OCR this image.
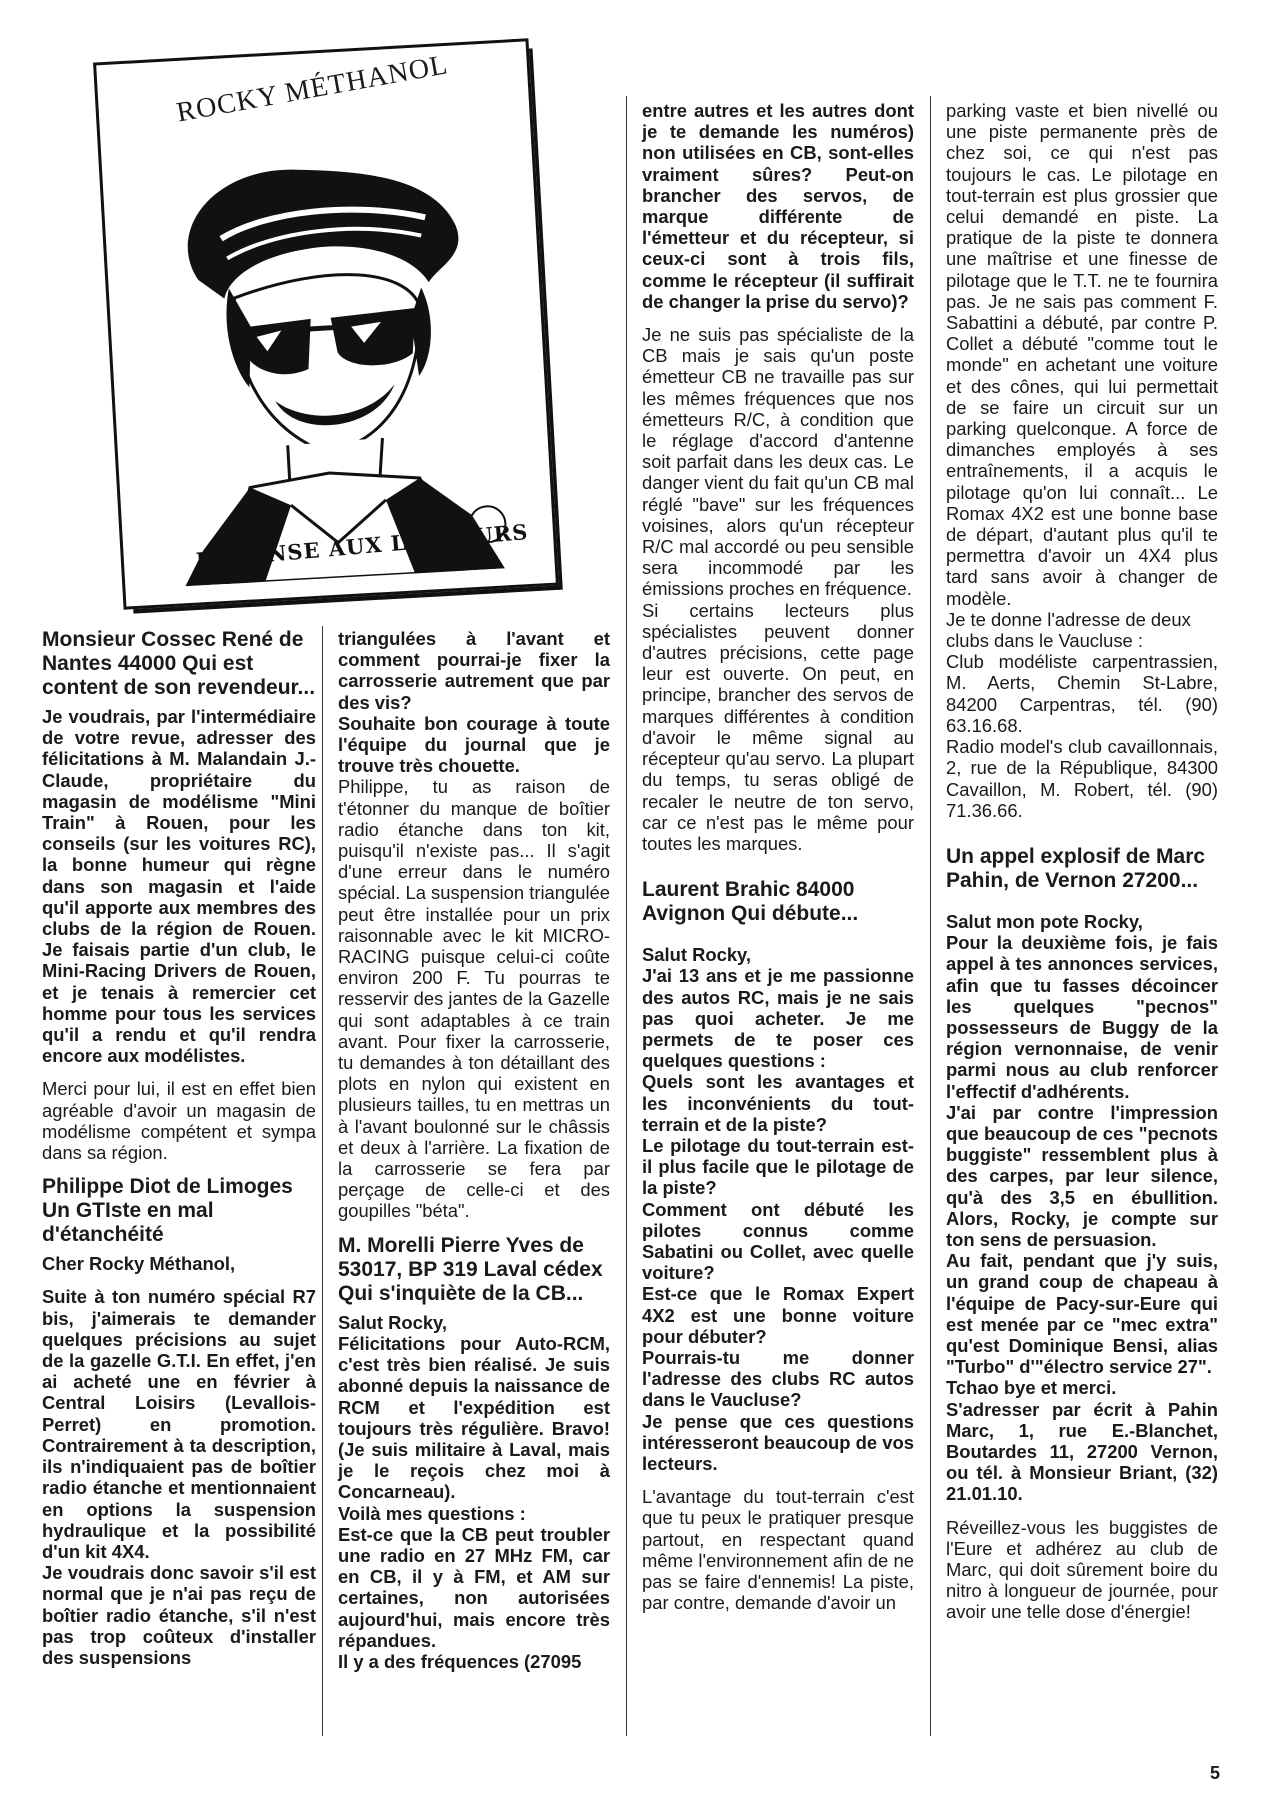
ROCKY MÉTHANOL
RÉPONSE AUX LECTEURS
Monsieur Cossec René de Nantes 44000 Qui est content de son revendeur...

Je voudrais, par l'intermédiaire de votre revue, adresser des félicitations à M. Malandain J.-Claude, propriétaire du magasin de modélisme "Mini Train" à Rouen, pour les conseils (sur les voitures RC), la bonne humeur qui règne dans son magasin et l'aide qu'il apporte aux membres des clubs de la région de Rouen. Je faisais partie d'un club, le Mini-Racing Drivers de Rouen, et je tenais à remercier cet homme pour tous les services qu'il a rendu et qu'il rendra encore aux modélistes.

Merci pour lui, il est en effet bien agréable d'avoir un magasin de modélisme compétent et sympa dans sa région.

Philippe Diot de Limoges Un GTIste en mal d'étanchéité

Cher Rocky Méthanol,

Suite à ton numéro spécial R7 bis, j'aimerais te demander quelques précisions au sujet de la gazelle G.T.I. En effet, j'en ai acheté une en février à Central Loisirs (Levallois-Perret) en promotion. Contrairement à ta description, ils n'indiquaient pas de boîtier radio étanche et mentionnaient en options la suspension hydraulique et la possibilité d'un kit 4X4.

Je voudrais donc savoir s'il est normal que je n'ai pas reçu de boîtier radio étanche, s'il n'est pas trop coûteux d'installer des suspensions

triangulées à l'avant et comment pourrai-je fixer la carrosserie autrement que par des vis?

Souhaite bon courage à toute l'équipe du journal que je trouve très chouette.

Philippe, tu as raison de t'étonner du manque de boîtier radio étanche dans ton kit, puisqu'il n'existe pas... Il s'agit d'une erreur dans le numéro spécial. La suspension triangulée peut être installée pour un prix raisonnable avec le kit MICRO-RACING puisque celui-ci coûte environ 200 F. Tu pourras te resservir des jantes de la Gazelle qui sont adaptables à ce train avant. Pour fixer la carrosserie, tu demandes à ton détaillant des plots en nylon qui existent en plusieurs tailles, tu en mettras un à l'avant boulonné sur le châssis et deux à l'arrière. La fixation de la carrosserie se fera par perçage de celle-ci et des goupilles "béta".

M. Morelli Pierre Yves de 53017, BP 319 Laval cédex Qui s'inquiète de la CB...

Salut Rocky,

Félicitations pour Auto-RCM, c'est très bien réalisé. Je suis abonné depuis la naissance de RCM et l'expédition est toujours très régulière. Bravo! (Je suis militaire à Laval, mais je le reçois chez moi à Concarneau).

Voilà mes questions :

Est-ce que la CB peut troubler une radio en 27 MHz FM, car en CB, il y à FM, et AM sur certaines, non autorisées aujourd'hui, mais encore très répandues.

Il y a des fréquences (27095

entre autres et les autres dont je te demande les numéros) non utilisées en CB, sont-elles vraiment sûres? Peut-on brancher des servos, de marque différente de l'émetteur et du récepteur, si ceux-ci sont à trois fils, comme le récepteur (il suffirait de changer la prise du servo)?

Je ne suis pas spécialiste de la CB mais je sais qu'un poste émetteur CB ne travaille pas sur les mêmes fréquences que nos émetteurs R/C, à condition que le réglage d'accord d'antenne soit parfait dans les deux cas. Le danger vient du fait qu'un CB mal réglé "bave" sur les fréquences voisines, alors qu'un récepteur R/C mal accordé ou peu sensible sera incommodé par les émissions proches en fréquence.

Si certains lecteurs plus spécialistes peuvent donner d'autres précisions, cette page leur est ouverte. On peut, en principe, brancher des servos de marques différentes à condition d'avoir le même signal au récepteur qu'au servo. La plupart du temps, tu seras obligé de recaler le neutre de ton servo, car ce n'est pas le même pour toutes les marques.

Laurent Brahic 84000 Avignon Qui débute...

Salut Rocky,

J'ai 13 ans et je me passionne des autos RC, mais je ne sais pas quoi acheter. Je me permets de te poser ces quelques questions :

Quels sont les avantages et les inconvénients du tout-terrain et de la piste?

Le pilotage du tout-terrain est-il plus facile que le pilotage de la piste?

Comment ont débuté les pilotes connus comme Sabatini ou Collet, avec quelle voiture?

Est-ce que le Romax Expert 4X2 est une bonne voiture pour débuter?

Pourrais-tu me donner l'adresse des clubs RC autos dans le Vaucluse?

Je pense que ces questions intéresseront beaucoup de vos lecteurs.

L'avantage du tout-terrain c'est que tu peux le pratiquer presque partout, en respectant quand même l'environnement afin de ne pas se faire d'ennemis! La piste, par contre, demande d'avoir un

parking vaste et bien nivellé ou une piste permanente près de chez soi, ce qui n'est pas toujours le cas. Le pilotage en tout-terrain est plus grossier que celui demandé en piste. La pratique de la piste te donnera une maîtrise et une finesse de pilotage que le T.T. ne te fournira pas. Je ne sais pas comment F. Sabattini a débuté, par contre P. Collet a débuté "comme tout le monde" en achetant une voiture et des cônes, qui lui permettait de se faire un circuit sur un parking quelconque. A force de dimanches employés à ses entraînements, il a acquis le pilotage qu'on lui connaît... Le Romax 4X2 est une bonne base de départ, d'autant plus qu'il te permettra d'avoir un 4X4 plus tard sans avoir à changer de modèle.

Je te donne l'adresse de deux clubs dans le Vaucluse :

Club modéliste carpentrassien, M. Aerts, Chemin St-Labre, 84200 Carpentras, tél. (90) 63.16.68.

Radio model's club cavaillonnais, 2, rue de la République, 84300 Cavaillon, M. Robert, tél. (90) 71.36.66.

Un appel explosif de Marc Pahin, de Vernon 27200...

Salut mon pote Rocky,

Pour la deuxième fois, je fais appel à tes annonces services, afin que tu fasses décoincer les quelques "pecnos" possesseurs de Buggy de la région vernonnaise, de venir parmi nous au club renforcer l'effectif d'adhérents.

J'ai par contre l'impression que beaucoup de ces "pecnots buggiste" ressemblent plus à des carpes, par leur silence, qu'à des 3,5 en ébullition. Alors, Rocky, je compte sur ton sens de persuasion.

Au fait, pendant que j'y suis, un grand coup de chapeau à l'équipe de Pacy-sur-Eure qui est menée par ce "mec extra" qu'est Dominique Bensi, alias "Turbo" d'"électro service 27".

Tchao bye et merci.

S'adresser par écrit à Pahin Marc, 1, rue E.-Blanchet, Boutardes 11, 27200 Vernon, ou tél. à Monsieur Briant, (32) 21.01.10.

Réveillez-vous les buggistes de l'Eure et adhérez au club de Marc, qui doit sûrement boire du nitro à longueur de journée, pour avoir une telle dose d'énergie!

5
